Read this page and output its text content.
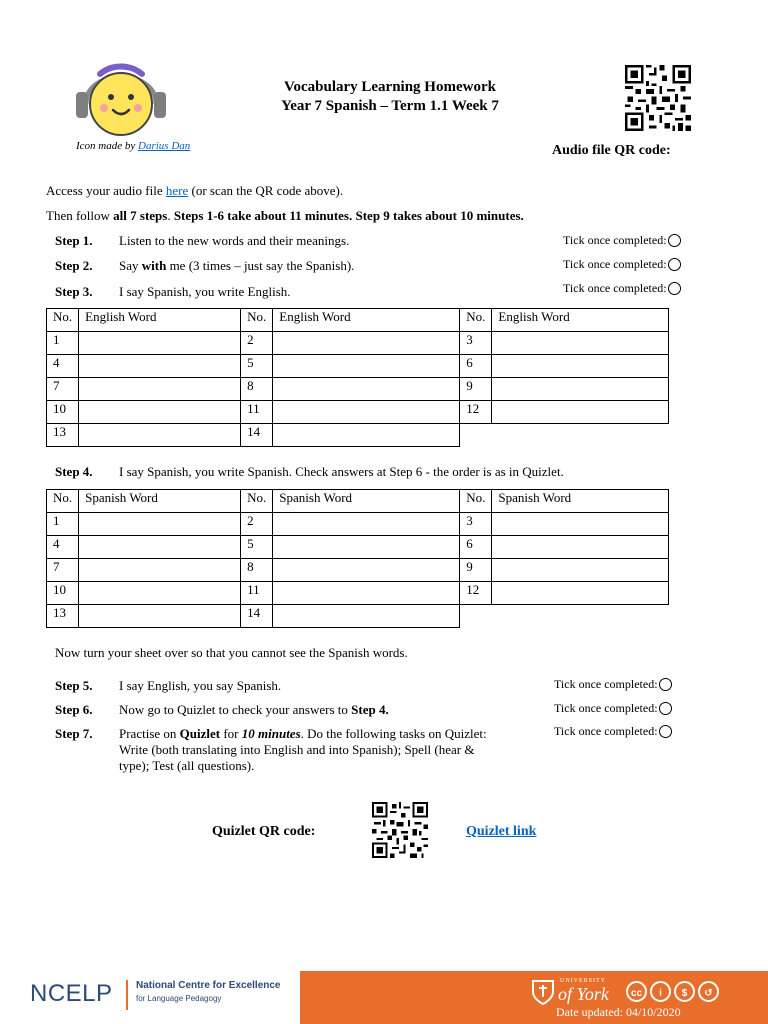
Icon made by Darius Dan
Vocabulary Learning Homework
Year 7 Spanish – Term 1.1 Week 7
Audio file QR code:
Access your audio file here (or scan the QR code above).
Then follow all 7 steps. Steps 1-6 take about 11 minutes. Step 9 takes about 10 minutes.
Step 1. Listen to the new words and their meanings.	Tick once completed:
Step 2. Say with me (3 times – just say the Spanish).	Tick once completed:
Step 3. I say Spanish, you write English.	Tick once completed:
No.	English Word	No.	English Word	No.	English Word
1		2		3	
4		5		6	
7		8		9	
10		11		12	
13		14			
Step 4. I say Spanish, you write Spanish. Check answers at Step 6 - the order is as in Quizlet.
No.	Spanish Word	No.	Spanish Word	No.	Spanish Word
1		2		3	
4		5		6	
7		8		9	
10		11		12	
13		14			
Now turn your sheet over so that you cannot see the Spanish words.
Step 5. I say English, you say Spanish.	Tick once completed:
Step 6. Now go to Quizlet to check your answers to Step 4.	Tick once completed:
Step 7. Practise on Quizlet for 10 minutes. Do the following tasks on Quizlet: Write (both translating into English and into Spanish); Spell (hear & type); Test (all questions).
Tick once completed:
Quizlet QR code:	Quizlet link
NCELP National Centre for Excellence
for Language Pedagogy
UNIVERSITY
of York	cc	i	$	↺
Date updated: 04/10/2020
